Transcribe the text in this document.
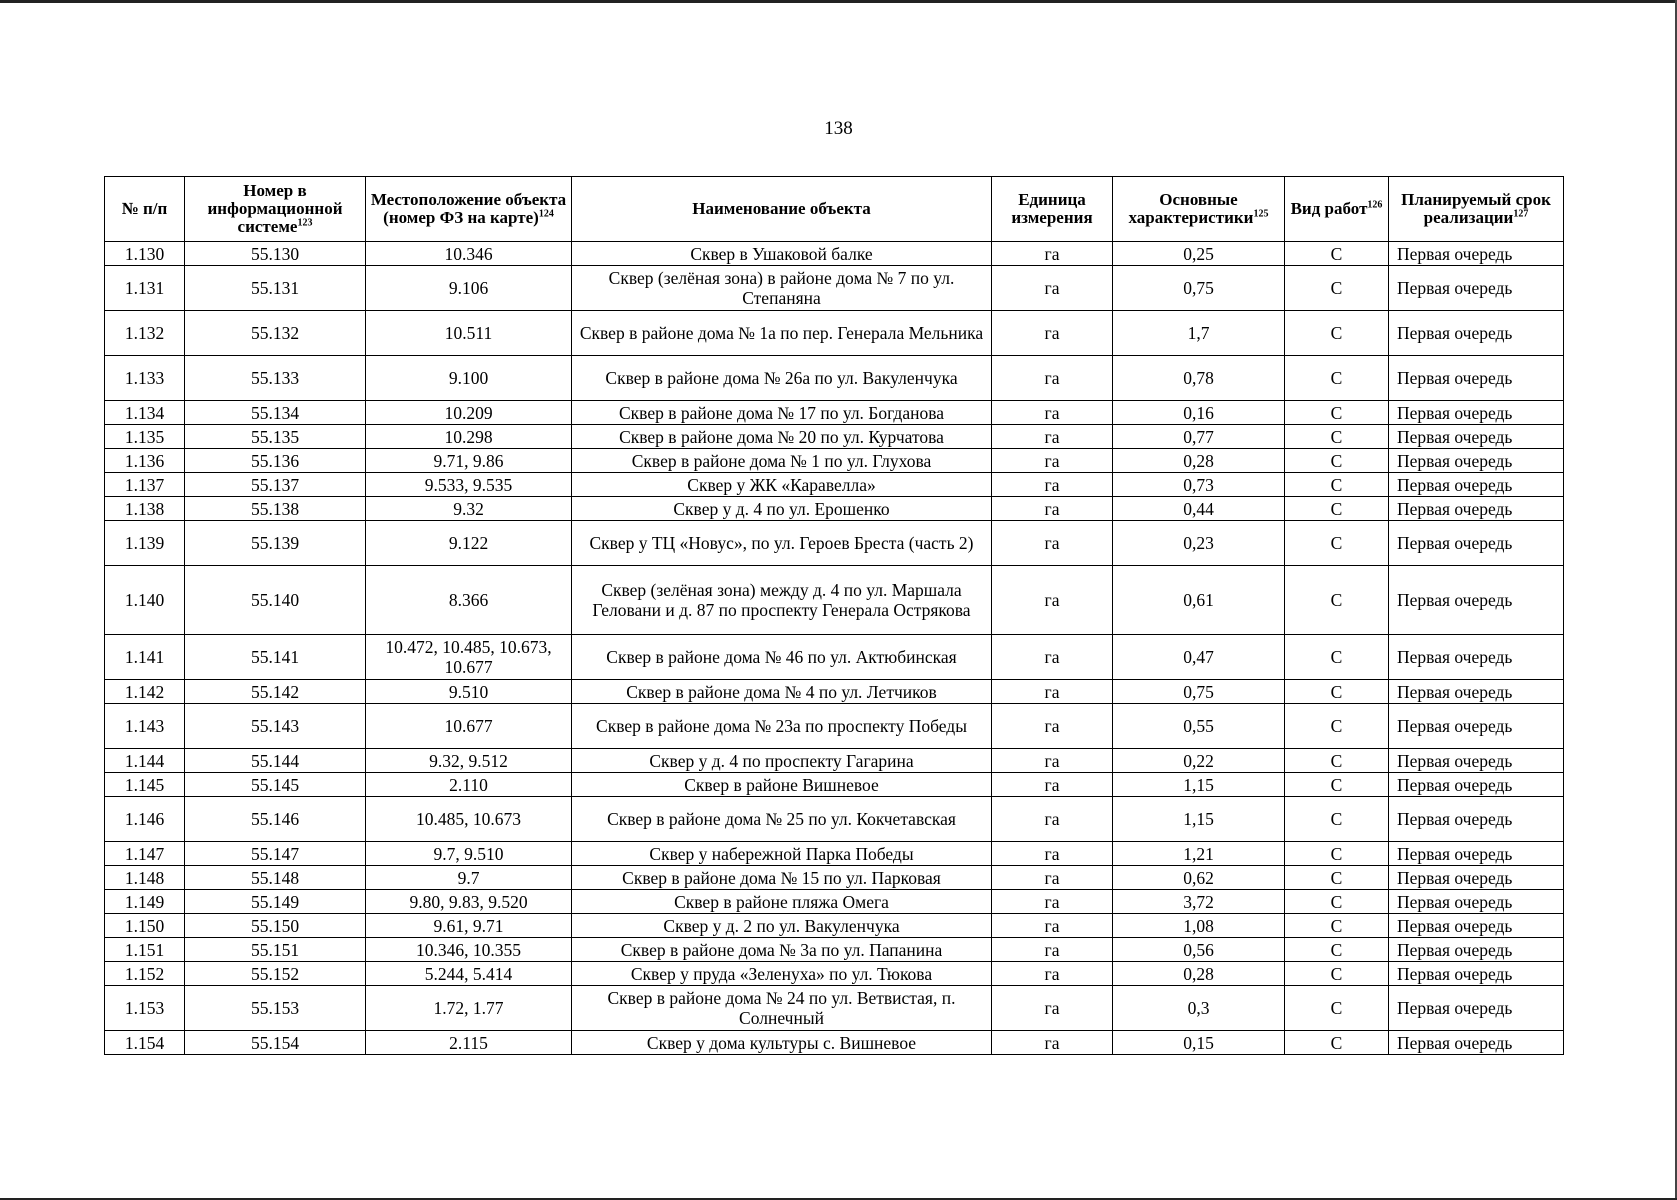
138
№ п/п	Номер в информационной системе$^{123}$	Местоположение объекта (номер ФЗ на карте)$^{124}$	Наименование объекта	Единица измерения	Основные характеристики$^{125}$	Вид работ$^{126}$	Планируемый срок реализации$^{127}$
1.130	55.130	10.346	Сквер в Ушаковой балке	га	0,25	С	Первая очередь
1.131	55.131	9.106	Сквер (зелёная зона) в районе дома № 7 по ул. Степаняна	га	0,75	С	Первая очередь
1.132	55.132	10.511	Сквер в районе дома № 1а по пер. Генерала Мельника	га	1,7	С	Первая очередь
1.133	55.133	9.100	Сквер в районе дома № 26а по ул. Вакуленчука	га	0,78	С	Первая очередь
1.134	55.134	10.209	Сквер в районе дома № 17 по ул. Богданова	га	0,16	С	Первая очередь
1.135	55.135	10.298	Сквер в районе дома № 20 по ул. Курчатова	га	0,77	С	Первая очередь
1.136	55.136	9.71, 9.86	Сквер в районе дома № 1 по ул. Глухова	га	0,28	С	Первая очередь
1.137	55.137	9.533, 9.535	Сквер у ЖК «Каравелла»	га	0,73	С	Первая очередь
1.138	55.138	9.32	Сквер у д. 4 по ул. Ерошенко	га	0,44	С	Первая очередь
1.139	55.139	9.122	Сквер у ТЦ «Новус», по ул. Героев Бреста (часть 2)	га	0,23	С	Первая очередь
1.140	55.140	8.366	Сквер (зелёная зона) между д. 4 по ул. Маршала Геловани и д. 87 по проспекту Генерала Острякова	га	0,61	С	Первая очередь
1.141	55.141	10.472, 10.485, 10.673, 10.677	Сквер в районе дома № 46 по ул. Актюбинская	га	0,47	С	Первая очередь
1.142	55.142	9.510	Сквер в районе дома № 4 по ул. Летчиков	га	0,75	С	Первая очередь
1.143	55.143	10.677	Сквер в районе дома № 23а по проспекту Победы	га	0,55	С	Первая очередь
1.144	55.144	9.32, 9.512	Сквер у д. 4 по проспекту Гагарина	га	0,22	С	Первая очередь
1.145	55.145	2.110	Сквер в районе Вишневое	га	1,15	С	Первая очередь
1.146	55.146	10.485, 10.673	Сквер в районе дома № 25 по ул. Кокчетавская	га	1,15	С	Первая очередь
1.147	55.147	9.7, 9.510	Сквер у набережной Парка Победы	га	1,21	С	Первая очередь
1.148	55.148	9.7	Сквер в районе дома № 15 по ул. Парковая	га	0,62	С	Первая очередь
1.149	55.149	9.80, 9.83, 9.520	Сквер в районе пляжа Омега	га	3,72	С	Первая очередь
1.150	55.150	9.61, 9.71	Сквер у д. 2 по ул. Вакуленчука	га	1,08	С	Первая очередь
1.151	55.151	10.346, 10.355	Сквер в районе дома № 3а по ул. Папанина	га	0,56	С	Первая очередь
1.152	55.152	5.244, 5.414	Сквер у пруда «Зеленуха» по ул. Тюкова	га	0,28	С	Первая очередь
1.153	55.153	1.72, 1.77	Сквер в районе дома № 24 по ул. Ветвистая, п. Солнечный	га	0,3	С	Первая очередь
1.154	55.154	2.115	Сквер у дома культуры с. Вишневое	га	0,15	С	Первая очередь
